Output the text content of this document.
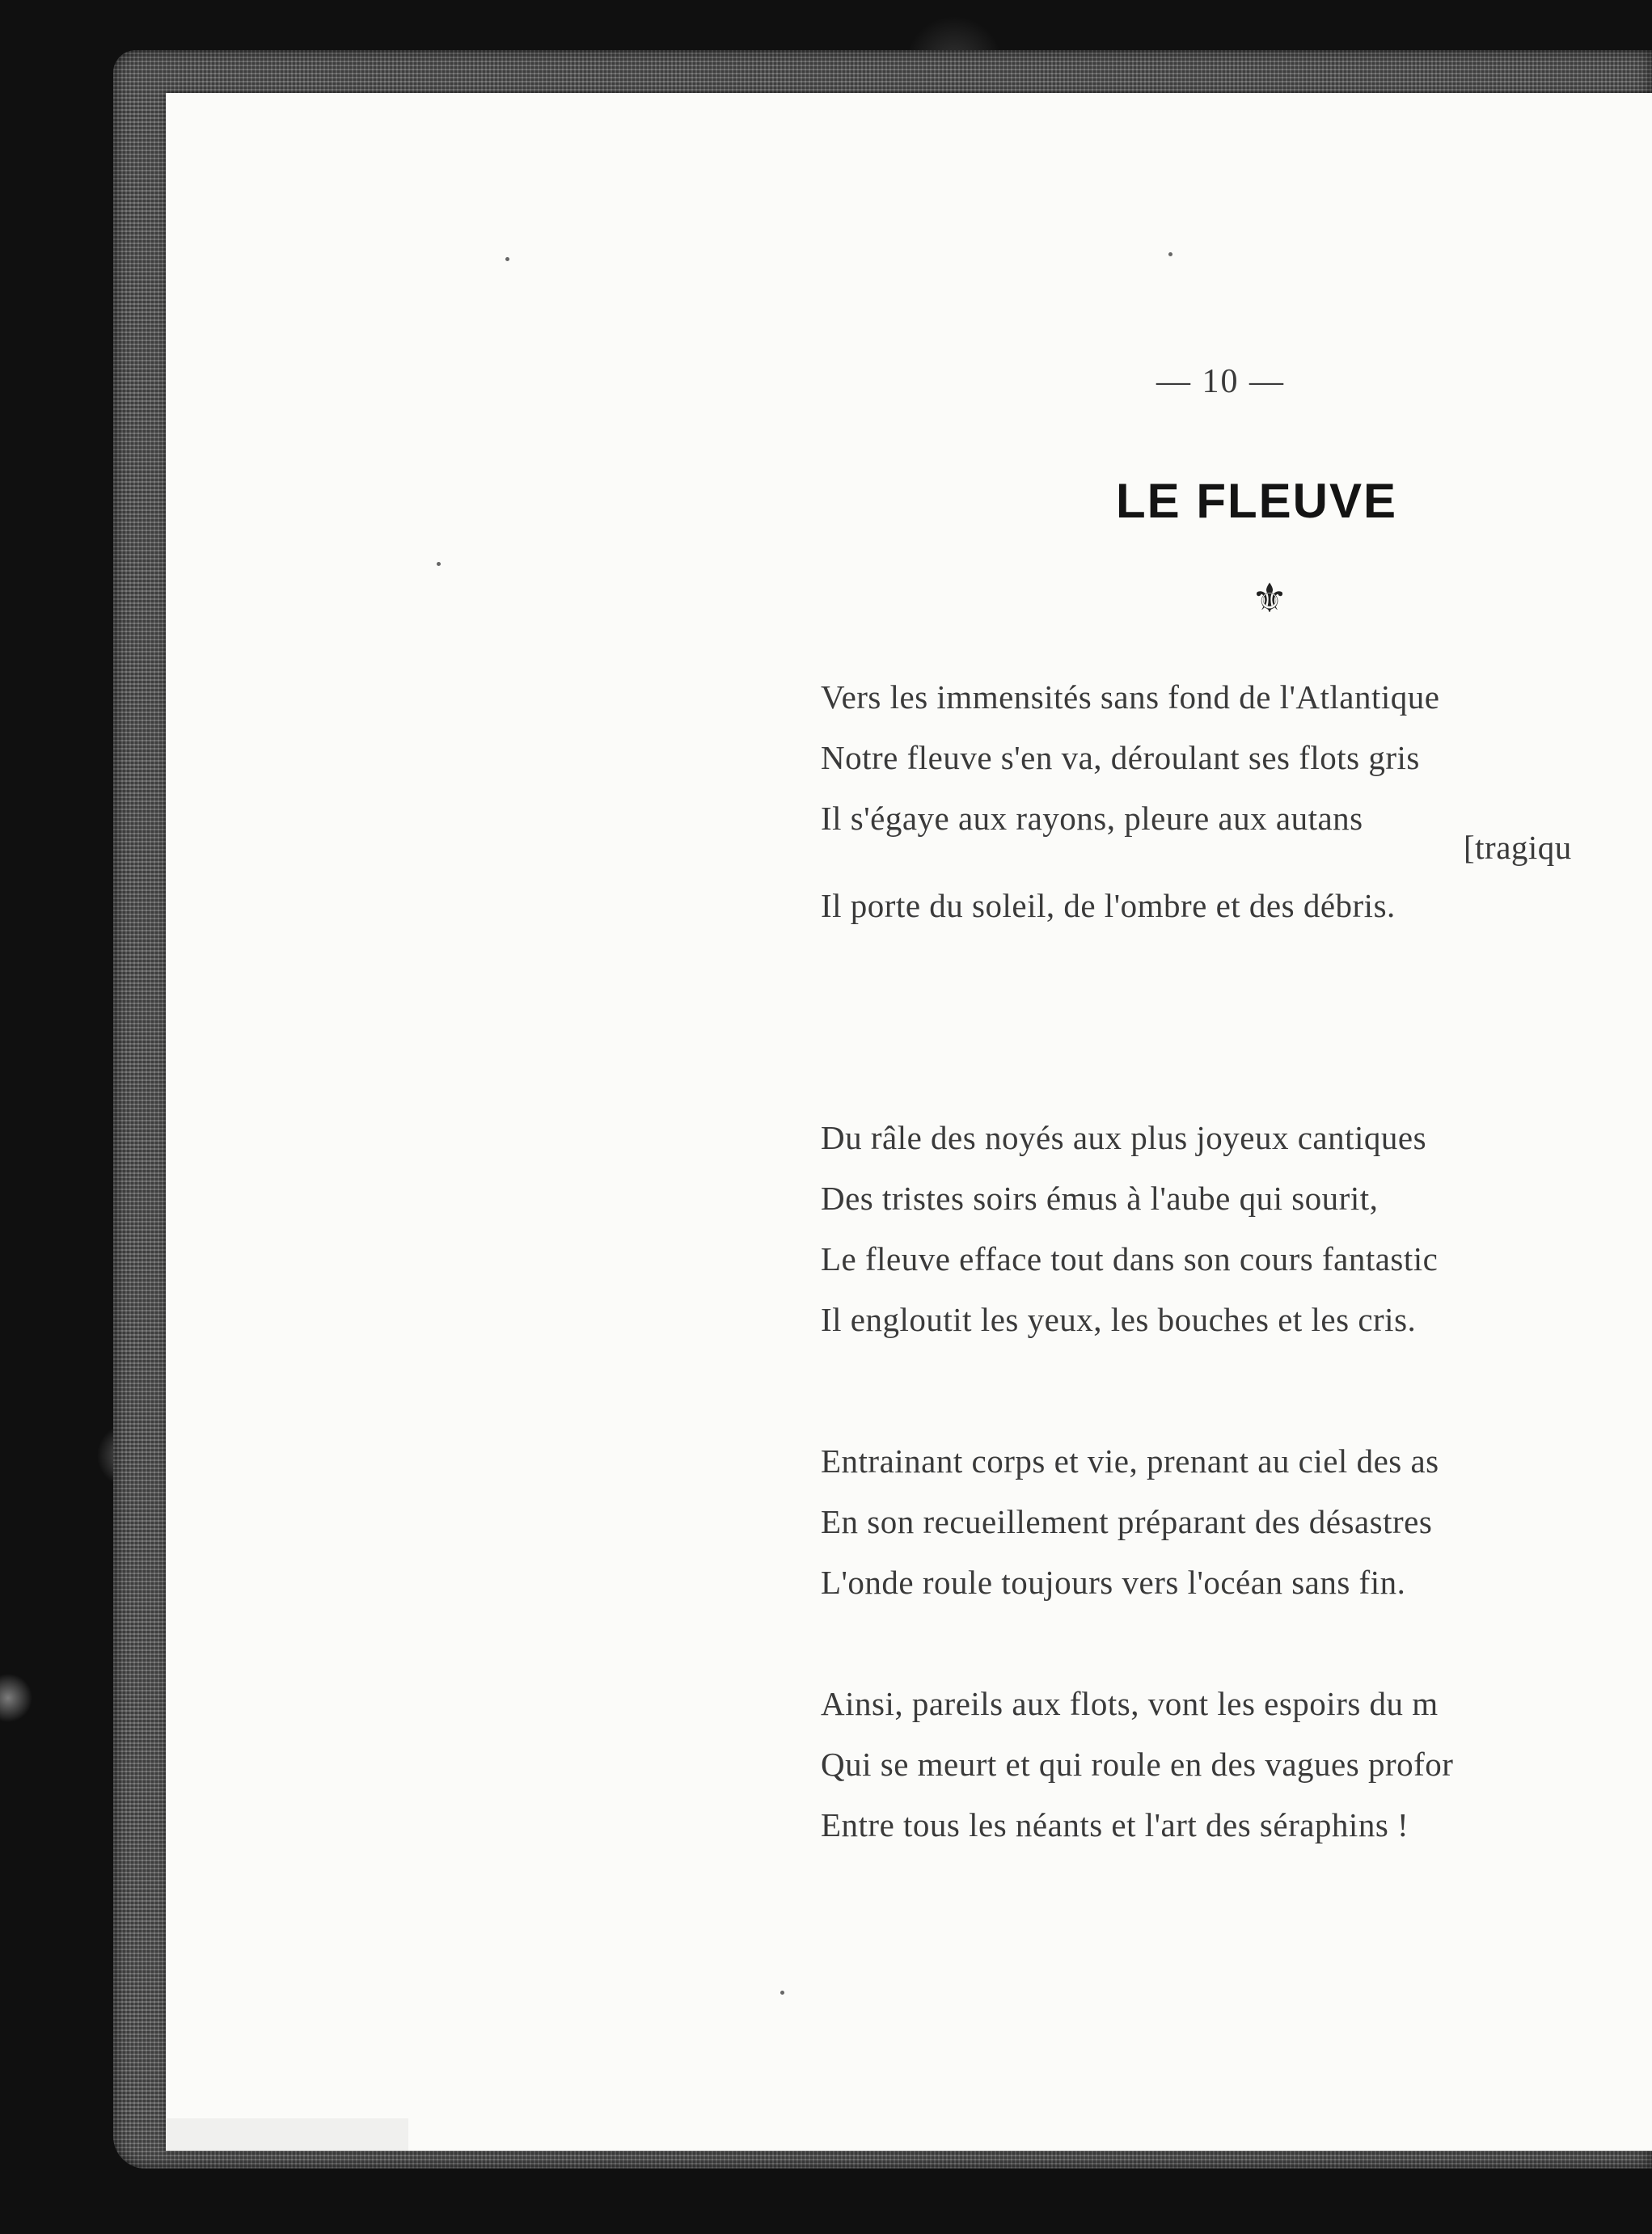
— 10 —
LE FLEUVE
⚜
Vers les immensités sans fond de l'Atlantique
Notre fleuve s'en va, déroulant ses flots gris
Il s'égaye aux rayons, pleure aux autans
[tragiqu
Il porte du soleil, de l'ombre et des débris.
Du râle des noyés aux plus joyeux cantiques
Des tristes soirs émus à l'aube qui sourit,
Le fleuve efface tout dans son cours fantastic
Il engloutit les yeux, les bouches et les cris.
Entrainant corps et vie, prenant au ciel des as
En son recueillement préparant des désastres
L'onde roule toujours vers l'océan sans fin.
Ainsi, pareils aux flots, vont les espoirs du m
Qui se meurt et qui roule en des vagues profor
Entre tous les néants et l'art des séraphins !
